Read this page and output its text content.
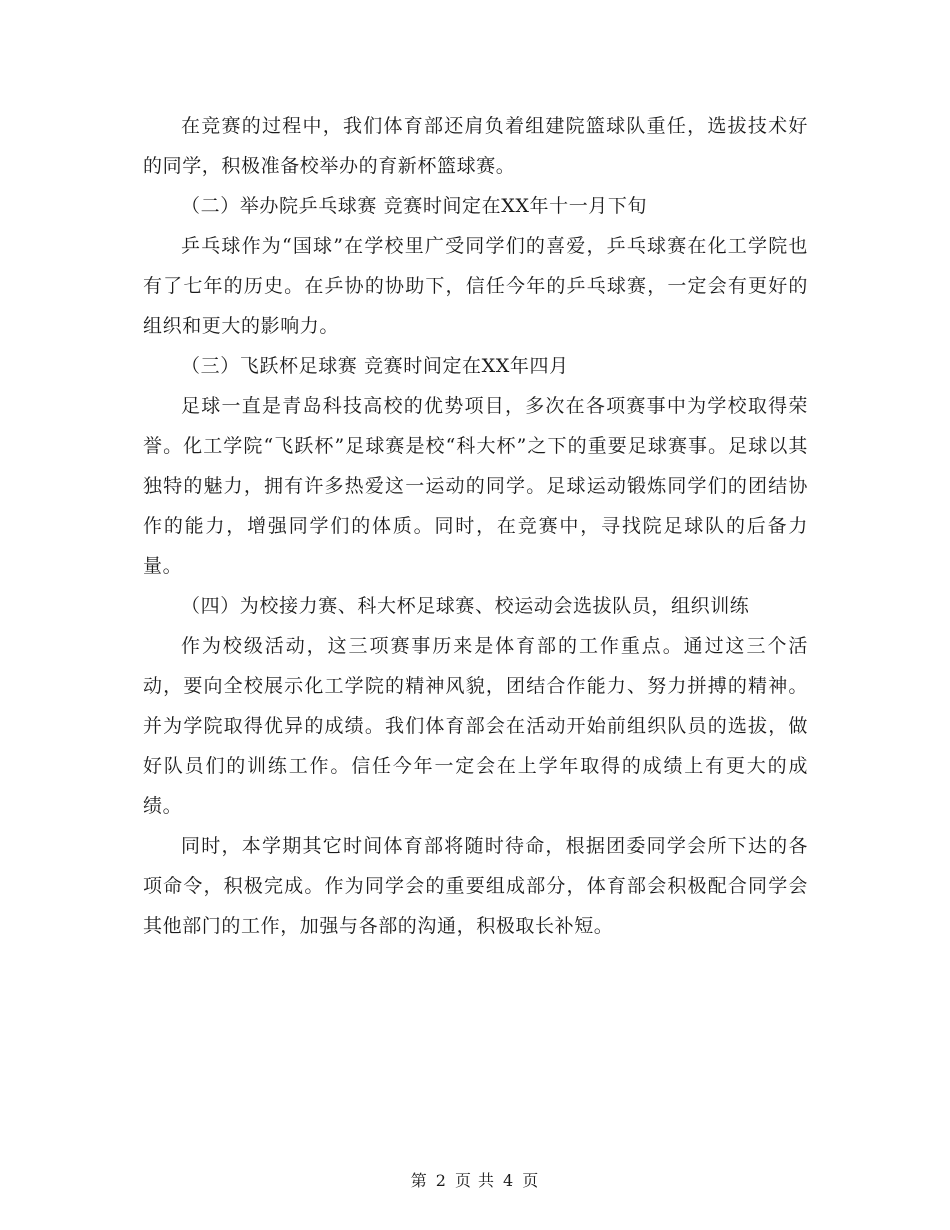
在竞赛的过程中，我们体育部还肩负着组建院篮球队重任，选拔技术好的同学，积极准备校举办的育新杯篮球赛。

（二）举办院乒乓球赛 竞赛时间定在XX年十一月下旬

乒乓球作为“国球”在学校里广受同学们的喜爱，乒乓球赛在化工学院也有了七年的历史。在乒协的协助下，信任今年的乒乓球赛，一定会有更好的组织和更大的影响力。

（三）飞跃杯足球赛 竞赛时间定在XX年四月

足球一直是青岛科技高校的优势项目，多次在各项赛事中为学校取得荣誉。化工学院“飞跃杯”足球赛是校“科大杯”之下的重要足球赛事。足球以其独特的魅力，拥有许多热爱这一运动的同学。足球运动锻炼同学们的团结协作的能力，增强同学们的体质。同时，在竞赛中，寻找院足球队的后备力量。

（四）为校接力赛、科大杯足球赛、校运动会选拔队员，组织训练

作为校级活动，这三项赛事历来是体育部的工作重点。通过这三个活动，要向全校展示化工学院的精神风貌，团结合作能力、努力拼搏的精神。并为学院取得优异的成绩。我们体育部会在活动开始前组织队员的选拔，做好队员们的训练工作。信任今年一定会在上学年取得的成绩上有更大的成绩。

同时，本学期其它时间体育部将随时待命，根据团委同学会所下达的各项命令，积极完成。作为同学会的重要组成部分，体育部会积极配合同学会其他部门的工作，加强与各部的沟通，积极取长补短。

第 2 页 共 4 页
